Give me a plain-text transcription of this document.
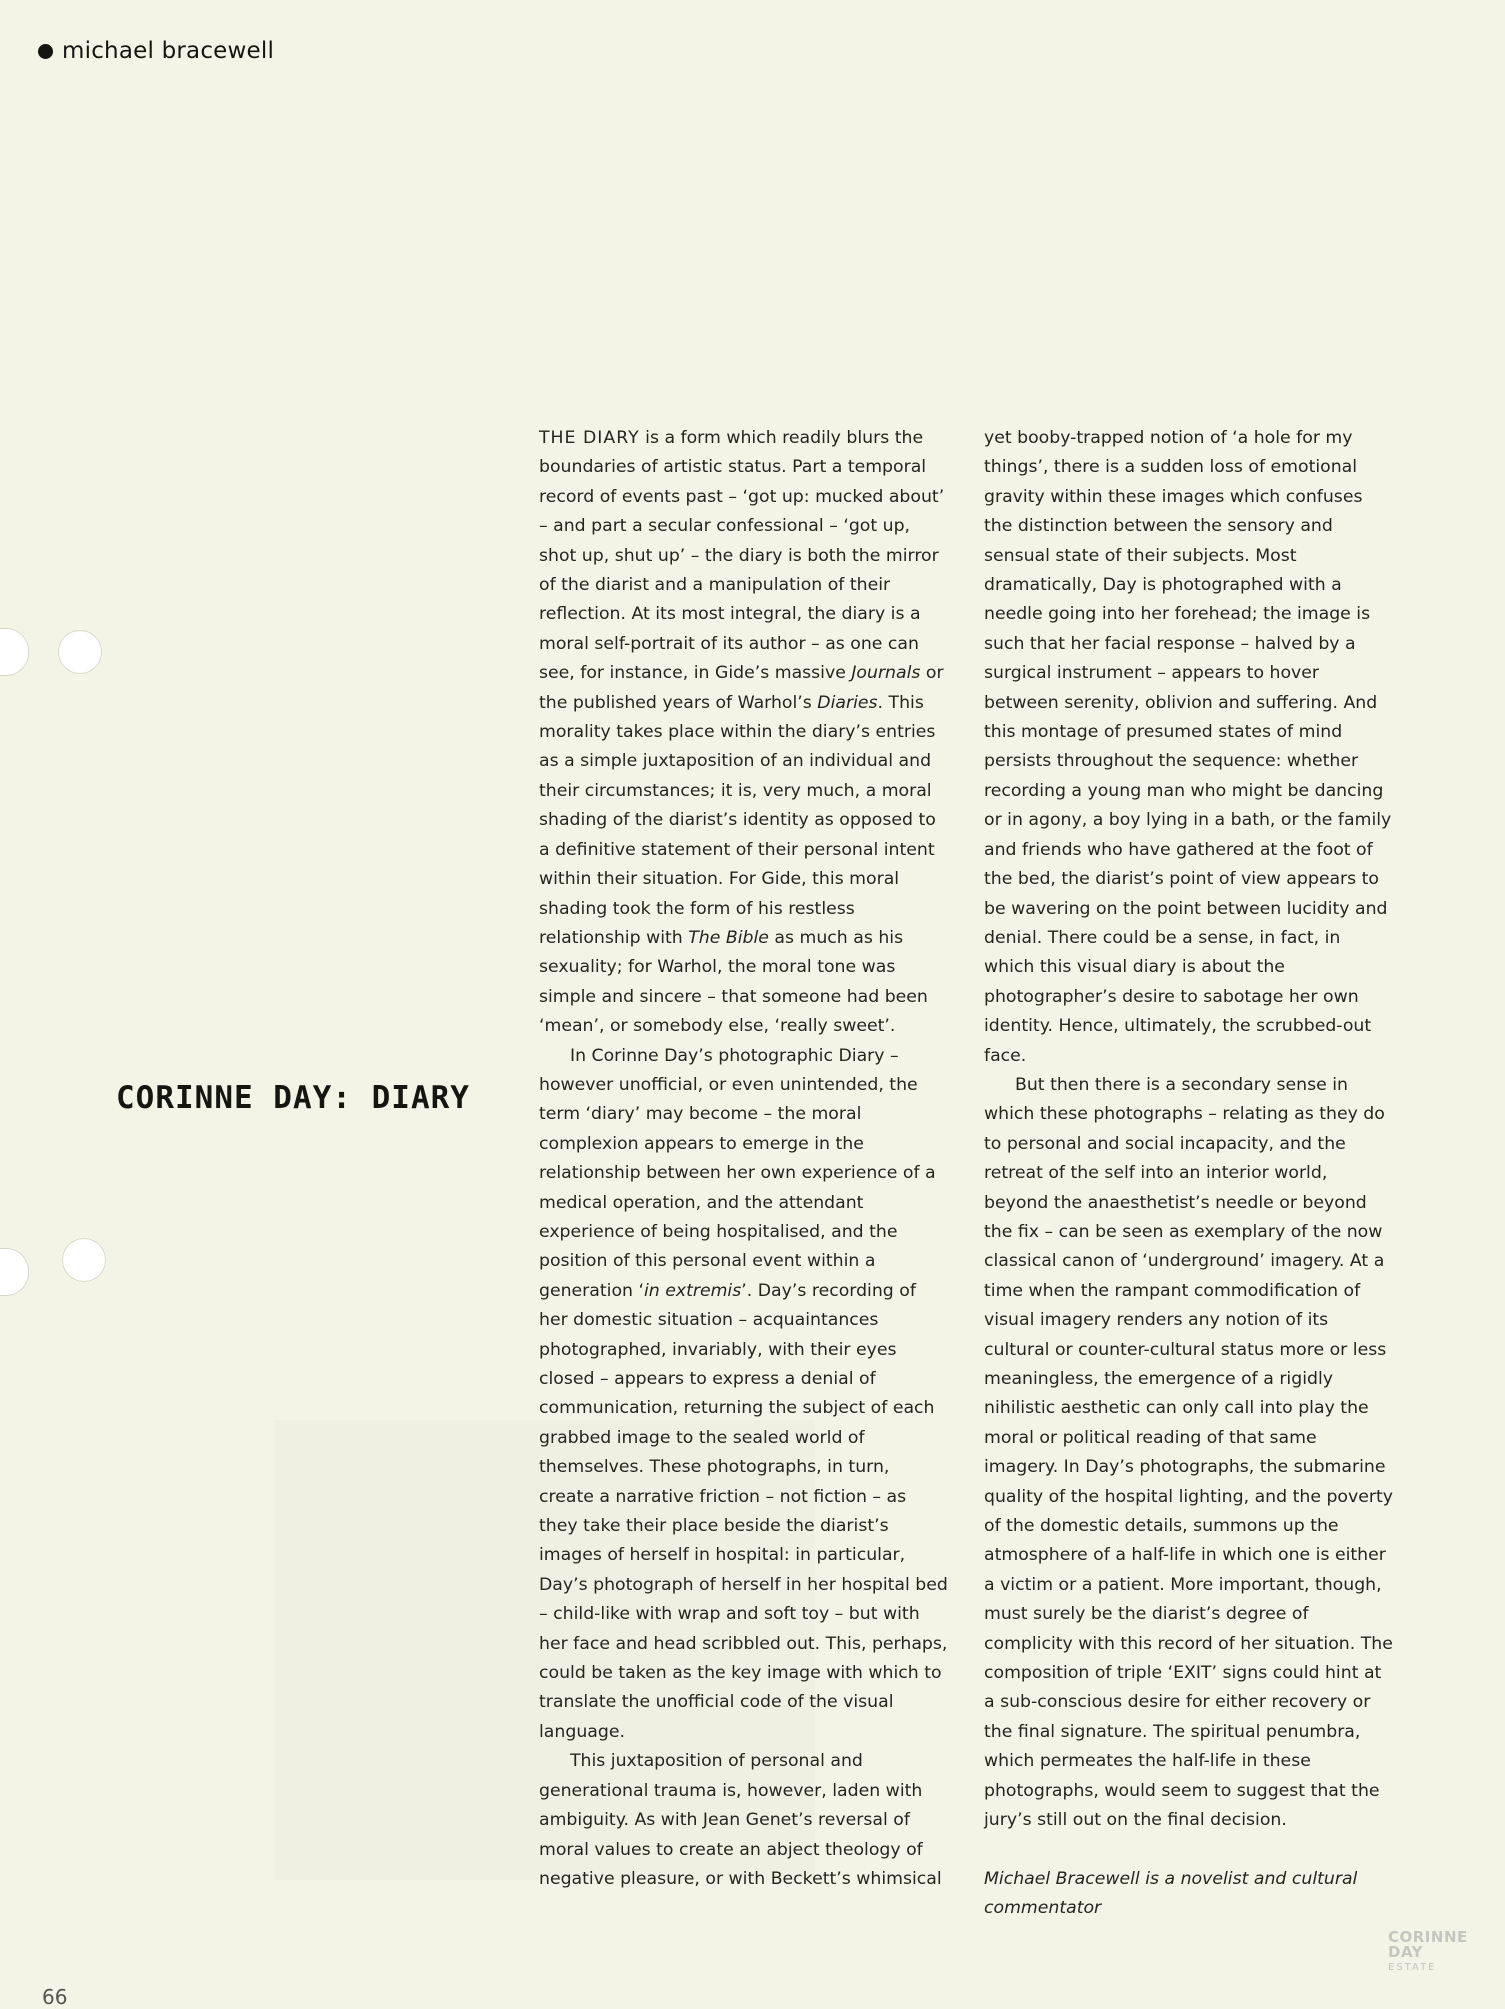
michael bracewell
CORINNE DAY: DIARY

THE DIARY is a form which readily blurs the boundaries of artistic status. Part a temporal record of events past – ‘got up: mucked about’ – and part a secular confessional – ‘got up, shot up, shut up’ – the diary is both the mirror of the diarist and a manipulation of their reflection. At its most integral, the diary is a moral self-portrait of its author – as one can see, for instance, in Gide’s massive Journals or the published years of Warhol’s Diaries. This morality takes place within the diary’s entries as a simple juxtaposition of an individual and their circumstances; it is, very much, a moral shading of the diarist’s identity as opposed to a definitive statement of their personal intent within their situation. For Gide, this moral shading took the form of his restless relationship with The Bible as much as his sexuality; for Warhol, the moral tone was simple and sincere – that someone had been ‘mean’, or somebody else, ‘really sweet’.

In Corinne Day’s photographic Diary – however unofficial, or even unintended, the term ‘diary’ may become – the moral complexion appears to emerge in the relationship between her own experience of a medical operation, and the attendant experience of being hospitalised, and the position of this personal event within a generation ‘in extremis’. Day’s recording of her domestic situation – acquaintances photographed, invariably, with their eyes closed – appears to express a denial of communication, returning the subject of each grabbed image to the sealed world of themselves. These photographs, in turn, create a narrative friction – not fiction – as they take their place beside the diarist’s images of herself in hospital: in particular, Day’s photograph of herself in her hospital bed – child-like with wrap and soft toy – but with her face and head scribbled out. This, perhaps, could be taken as the key image with which to translate the unofficial code of the visual language.

This juxtaposition of personal and generational trauma is, however, laden with ambiguity. As with Jean Genet’s reversal of moral values to create an abject theology of negative pleasure, or with Beckett’s whimsical

yet booby-trapped notion of ‘a hole for my things’, there is a sudden loss of emotional gravity within these images which confuses the distinction between the sensory and sensual state of their subjects. Most dramatically, Day is photographed with a needle going into her forehead; the image is such that her facial response – halved by a surgical instrument – appears to hover between serenity, oblivion and suffering. And this montage of presumed states of mind persists throughout the sequence: whether recording a young man who might be dancing or in agony, a boy lying in a bath, or the family and friends who have gathered at the foot of the bed, the diarist’s point of view appears to be wavering on the point between lucidity and denial. There could be a sense, in fact, in which this visual diary is about the photographer’s desire to sabotage her own identity. Hence, ultimately, the scrubbed-out face.

But then there is a secondary sense in which these photographs – relating as they do to personal and social incapacity, and the retreat of the self into an interior world, beyond the anaesthetist’s needle or beyond the fix – can be seen as exemplary of the now classical canon of ‘underground’ imagery. At a time when the rampant commodification of visual imagery renders any notion of its cultural or counter-cultural status more or less meaningless, the emergence of a rigidly nihilistic aesthetic can only call into play the moral or political reading of that same imagery. In Day’s photographs, the submarine quality of the hospital lighting, and the poverty of the domestic details, summons up the atmosphere of a half-life in which one is either a victim or a patient. More important, though, must surely be the diarist’s degree of complicity with this record of her situation. The composition of triple ‘EXIT’ signs could hint at a sub-conscious desire for either recovery or the final signature. The spiritual penumbra, which permeates the half-life in these photographs, would seem to suggest that the jury’s still out on the final decision.

Michael Bracewell is a novelist and cultural commentator

CORINNE
DAY
ESTATE
66
